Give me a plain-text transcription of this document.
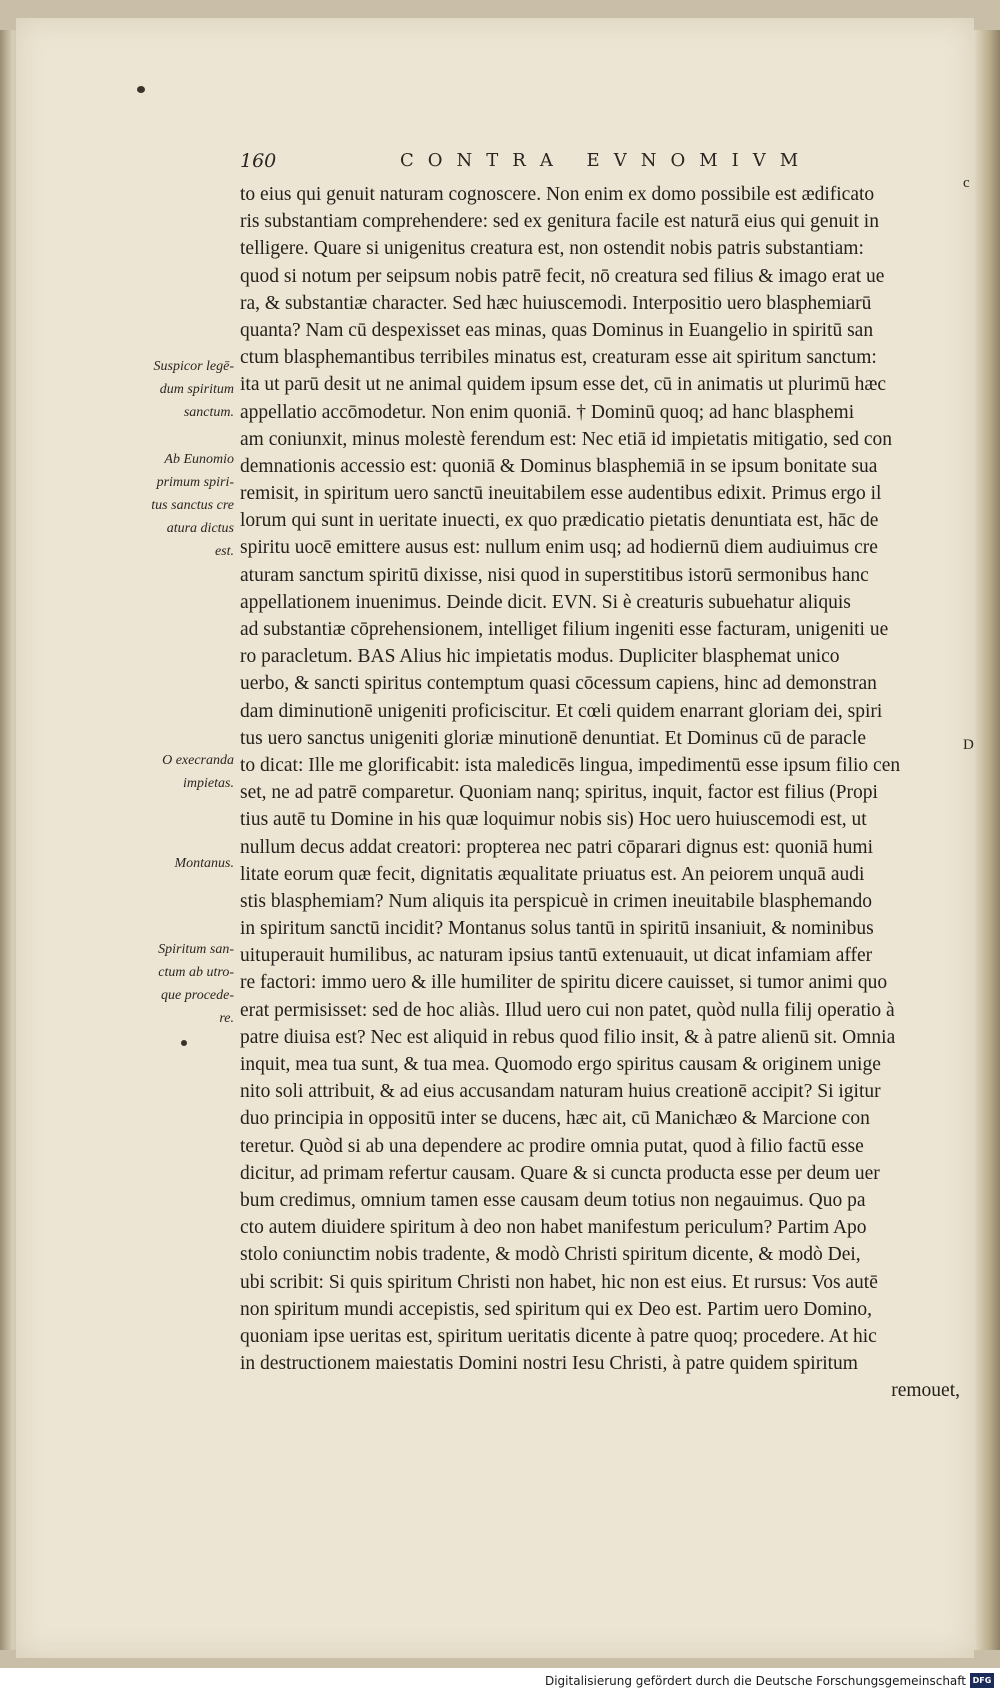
160	CONTRA EVNOMIVM
to eius qui genuit naturam cognoscere. Non enim ex domo possibile est ædificato
ris substantiam comprehendere: sed ex genitura facile est naturā eius qui genuit in
telligere. Quare si unigenitus creatura est, non ostendit nobis patris substantiam:
quod si notum per seipsum nobis patrē fecit, nō creatura sed filius & imago erat ue
ra, & substantiæ character. Sed hæc huiuscemodi. Interpositio uero blasphemiarū
quanta? Nam cū despexisset eas minas, quas Dominus in Euangelio in spiritū san
ctum blasphemantibus terribiles minatus est, creaturam esse ait spiritum sanctum:
ita ut parū desit ut ne animal quidem ipsum esse det, cū in animatis ut plurimū hæc
appellatio accōmodetur. Non enim quoniā. † Dominū quoq; ad hanc blasphemi
am coniunxit, minus molestè ferendum est: Nec etiā id impietatis mitigatio, sed con
demnationis accessio est: quoniā & Dominus blasphemiā in se ipsum bonitate sua
remisit, in spiritum uero sanctū ineuitabilem esse audentibus edixit. Primus ergo il
lorum qui sunt in ueritate inuecti, ex quo prædicatio pietatis denuntiata est, hāc de
spiritu uocē emittere ausus est: nullum enim usq; ad hodiernū diem audiuimus cre
aturam sanctum spiritū dixisse, nisi quod in superstitibus istorū sermonibus hanc
appellationem inuenimus. Deinde dicit. EVN. Si è creaturis subuehatur aliquis
ad substantiæ cōprehensionem, intelliget filium ingeniti esse facturam, unigeniti ue
ro paracletum. BAS Alius hic impietatis modus. Dupliciter blasphemat unico
uerbo, & sancti spiritus contemptum quasi cōcessum capiens, hinc ad demonstran
dam diminutionē unigeniti proficiscitur. Et cœli quidem enarrant gloriam dei, spiri
tus uero sanctus unigeniti gloriæ minutionē denuntiat. Et Dominus cū de paracle
to dicat: Ille me glorificabit: ista maledicēs lingua, impedimentū esse ipsum filio cen
set, ne ad patrē comparetur. Quoniam nanq; spiritus, inquit, factor est filius (Propi
tius autē tu Domine in his quæ loquimur nobis sis) Hoc uero huiuscemodi est, ut
nullum decus addat creatori: propterea nec patri cōparari dignus est: quoniā humi
litate eorum quæ fecit, dignitatis æqualitate priuatus est. An peiorem unquā audi
stis blasphemiam? Num aliquis ita perspicuè in crimen ineuitabile blasphemando
in spiritum sanctū incidit? Montanus solus tantū in spiritū insaniuit, & nominibus
uituperauit humilibus, ac naturam ipsius tantū extenuauit, ut dicat infamiam affer
re factori: immo uero & ille humiliter de spiritu dicere cauisset, si tumor animi quo
erat permisisset: sed de hoc aliàs. Illud uero cui non patet, quòd nulla filij operatio à
patre diuisa est? Nec est aliquid in rebus quod filio insit, & à patre alienū sit. Omnia
inquit, mea tua sunt, & tua mea. Quomodo ergo spiritus causam & originem unige
nito soli attribuit, & ad eius accusandam naturam huius creationē accipit? Si igitur
duo principia in oppositū inter se ducens, hæc ait, cū Manichæo & Marcione con
teretur. Quòd si ab una dependere ac prodire omnia putat, quod à filio factū esse
dicitur, ad primam refertur causam. Quare & si cuncta producta esse per deum uer
bum credimus, omnium tamen esse causam deum totius non negauimus. Quo pa
cto autem diuidere spiritum à deo non habet manifestum periculum? Partim Apo
stolo coniunctim nobis tradente, & modò Christi spiritum dicente, & modò Dei,
ubi scribit: Si quis spiritum Christi non habet, hic non est eius. Et rursus: Vos autē
non spiritum mundi accepistis, sed spiritum qui ex Deo est. Partim uero Domino,
quoniam ipse ueritas est, spiritum ueritatis dicente à patre quoq; procedere. At hic
in destructionem maiestatis Domini nostri Iesu Christi, à patre quidem spiritum
remouet,
Suspicor legē-
dum spiritum
sanctum.
Ab Eunomio
primum spiri-
tus sanctus cre
atura dictus
est.
O execranda
impietas.
Montanus.
Spiritum san-
ctum ab utro-
que procede-
re.
c
D
Digitalisierung gefördert durch die Deutsche Forschungsgemeinschaft DFG
